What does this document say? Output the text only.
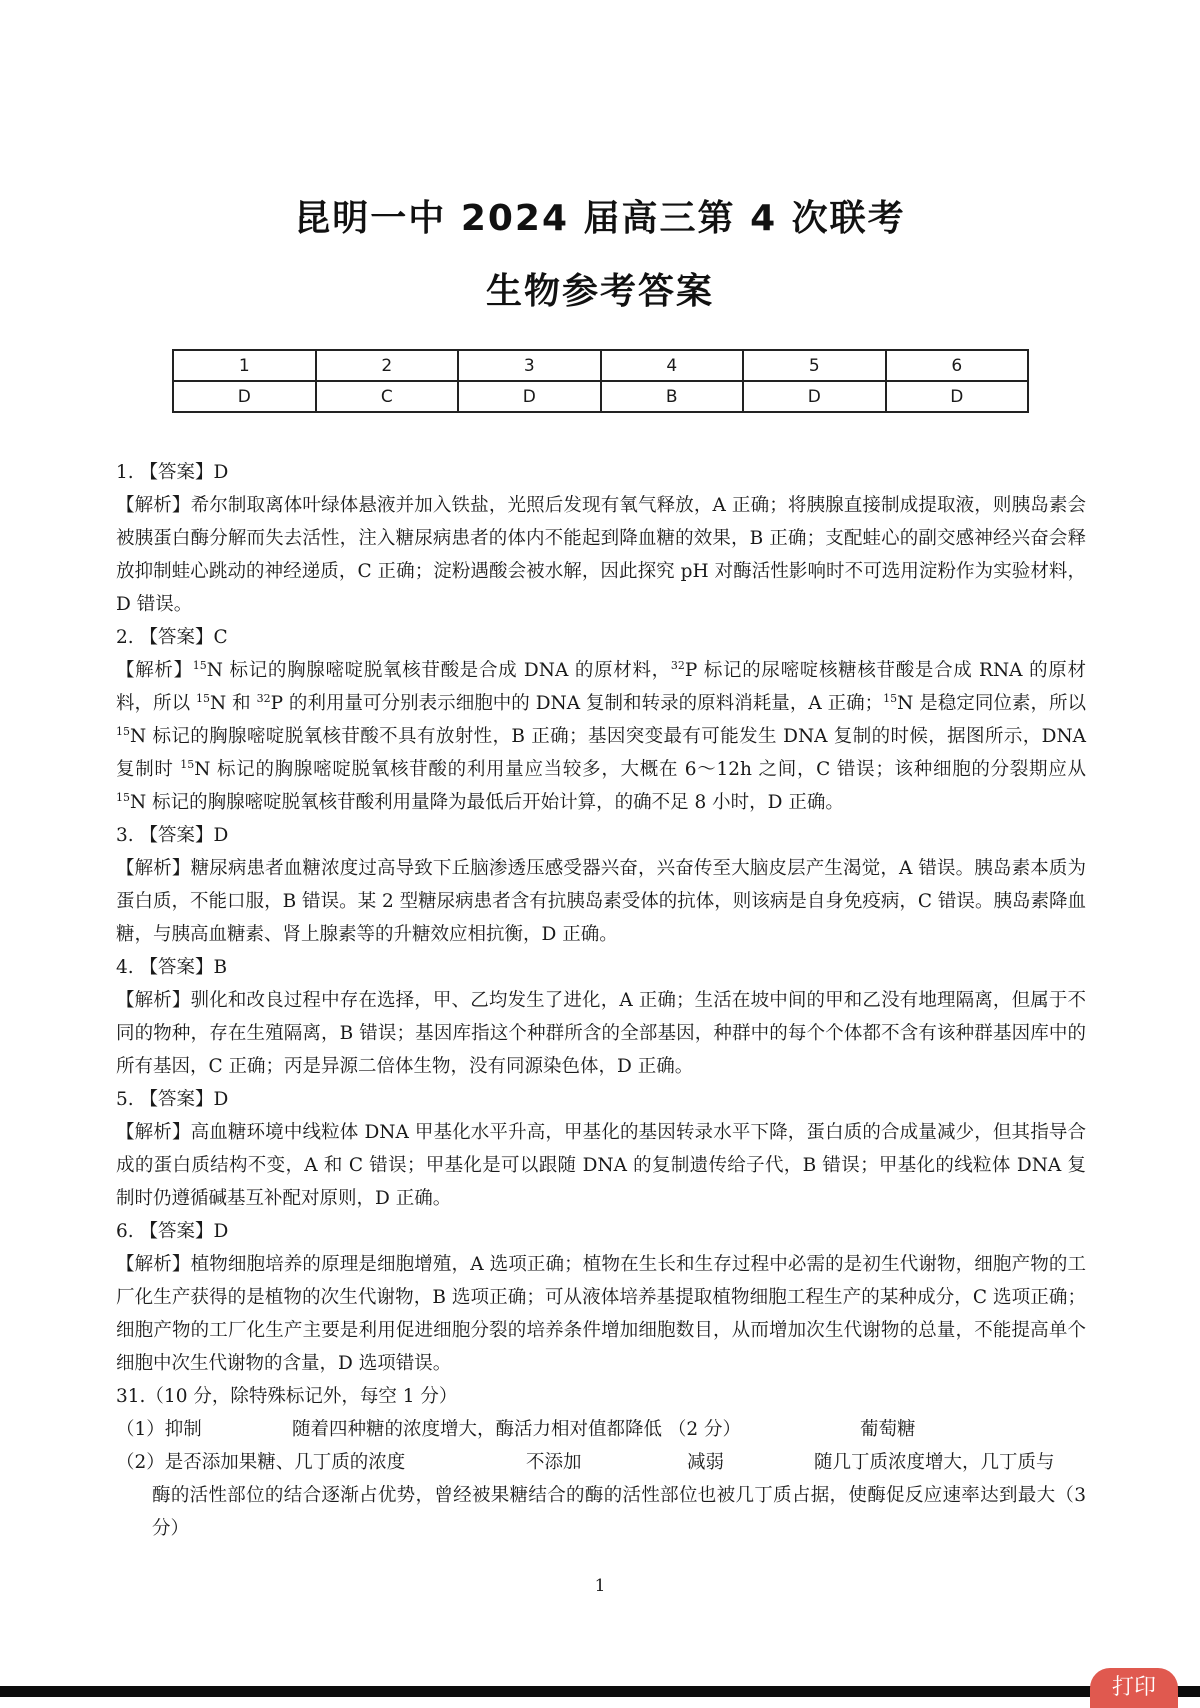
昆明一中 2024 届高三第 4 次联考
生物参考答案
1	2	3	4	5	6
D	C	D	B	D	D

1. 【答案】D

【解析】希尔制取离体叶绿体悬液并加入铁盐，光照后发现有氧气释放，A 正确；将胰腺直接制成提取液，则胰岛素会被胰蛋白酶分解而失去活性，注入糖尿病患者的体内不能起到降血糖的效果，B 正确；支配蛙心的副交感神经兴奋会释放抑制蛙心跳动的神经递质，C 正确；淀粉遇酸会被水解，因此探究 pH 对酶活性影响时不可选用淀粉作为实验材料，D 错误。

2. 【答案】C

【解析】$^{15}$N 标记的胸腺嘧啶脱氧核苷酸是合成 DNA 的原材料，$^{32}$P 标记的尿嘧啶核糖核苷酸是合成 RNA 的原材料，所以 $^{15}$N 和 $^{32}$P 的利用量可分别表示细胞中的 DNA 复制和转录的原料消耗量，A 正确；$^{15}$N 是稳定同位素，所以 $^{15}$N 标记的胸腺嘧啶脱氧核苷酸不具有放射性，B 正确；基因突变最有可能发生 DNA 复制的时候，据图所示，DNA 复制时 $^{15}$N 标记的胸腺嘧啶脱氧核苷酸的利用量应当较多，大概在 6～12h 之间，C 错误；该种细胞的分裂期应从 $^{15}$N 标记的胸腺嘧啶脱氧核苷酸利用量降为最低后开始计算，的确不足 8 小时，D 正确。

3. 【答案】D

【解析】糖尿病患者血糖浓度过高导致下丘脑渗透压感受器兴奋，兴奋传至大脑皮层产生渴觉，A 错误。胰岛素本质为蛋白质，不能口服，B 错误。某 2 型糖尿病患者含有抗胰岛素受体的抗体，则该病是自身免疫病，C 错误。胰岛素降血糖，与胰高血糖素、肾上腺素等的升糖效应相抗衡，D 正确。

4. 【答案】B

【解析】驯化和改良过程中存在选择，甲、乙均发生了进化，A 正确；生活在坡中间的甲和乙没有地理隔离，但属于不同的物种，存在生殖隔离，B 错误；基因库指这个种群所含的全部基因，种群中的每个个体都不含有该种群基因库中的所有基因，C 正确；丙是异源二倍体生物，没有同源染色体，D 正确。

5. 【答案】D

【解析】高血糖环境中线粒体 DNA 甲基化水平升高，甲基化的基因转录水平下降，蛋白质的合成量减少，但其指导合成的蛋白质结构不变，A 和 C 错误；甲基化是可以跟随 DNA 的复制遗传给子代，B 错误；甲基化的线粒体 DNA 复制时仍遵循碱基互补配对原则，D 正确。

6. 【答案】D

【解析】植物细胞培养的原理是细胞增殖，A 选项正确；植物在生长和生存过程中必需的是初生代谢物，细胞产物的工厂化生产获得的是植物的次生代谢物，B 选项正确；可从液体培养基提取植物细胞工程生产的某种成分，C 选项正确；细胞产物的工厂化生产主要是利用促进细胞分裂的培养条件增加细胞数目，从而增加次生代谢物的总量，不能提高单个细胞中次生代谢物的含量，D 选项错误。

31.（10 分，除特殊标记外，每空 1 分）

（1）抑制	随着四种糖的浓度增大，酶活力相对值都降低 （2 分）	葡萄糖
（2）是否添加果糖、几丁质的浓度	不添加	减弱	随几丁质浓度增大，几丁质与

酶的活性部位的结合逐渐占优势，曾经被果糖结合的酶的活性部位也被几丁质占据，使酶促反应速率达到最大（3 分）

1
打印
